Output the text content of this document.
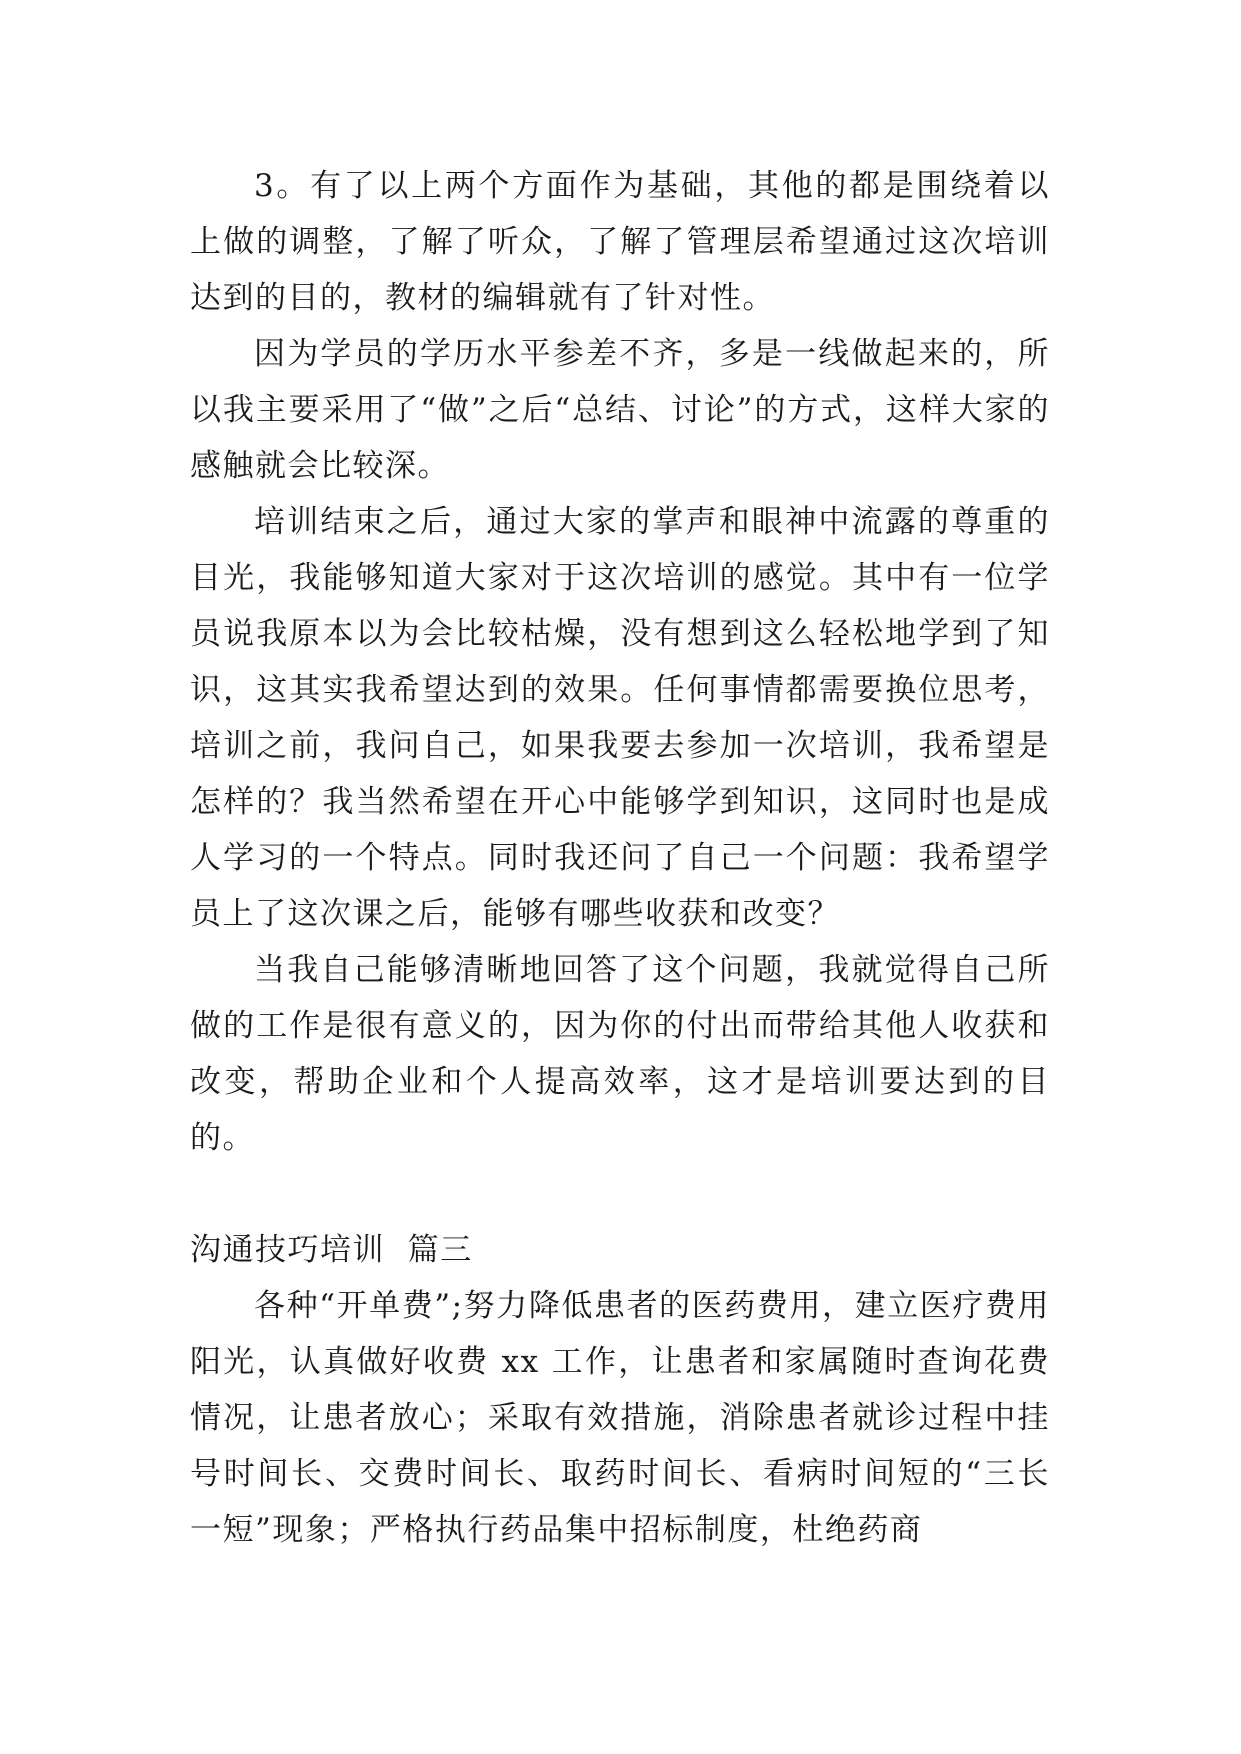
3。有了以上两个方面作为基础，其他的都是围绕着以上做的调整，了解了听众，了解了管理层希望通过这次培训达到的目的，教材的编辑就有了针对性。

因为学员的学历水平参差不齐，多是一线做起来的，所以我主要采用了“做”之后“总结、讨论”的方式，这样大家的感触就会比较深。

培训结束之后，通过大家的掌声和眼神中流露的尊重的目光，我能够知道大家对于这次培训的感觉。其中有一位学员说我原本以为会比较枯燥，没有想到这么轻松地学到了知识，这其实我希望达到的效果。任何事情都需要换位思考，培训之前，我问自己，如果我要去参加一次培训，我希望是怎样的？我当然希望在开心中能够学到知识，这同时也是成人学习的一个特点。同时我还问了自己一个问题：我希望学员上了这次课之后，能够有哪些收获和改变？

当我自己能够清晰地回答了这个问题，我就觉得自己所做的工作是很有意义的，因为你的付出而带给其他人收获和改变，帮助企业和个人提高效率，这才是培训要达到的目的。

沟通技巧培训  篇三

各种“开单费”;努力降低患者的医药费用，建立医疗费用阳光，认真做好收费 xx 工作，让患者和家属随时查询花费情况，让患者放心；采取有效措施，消除患者就诊过程中挂号时间长、交费时间长、取药时间长、看病时间短的“三长一短”现象；严格执行药品集中招标制度，杜绝药商
